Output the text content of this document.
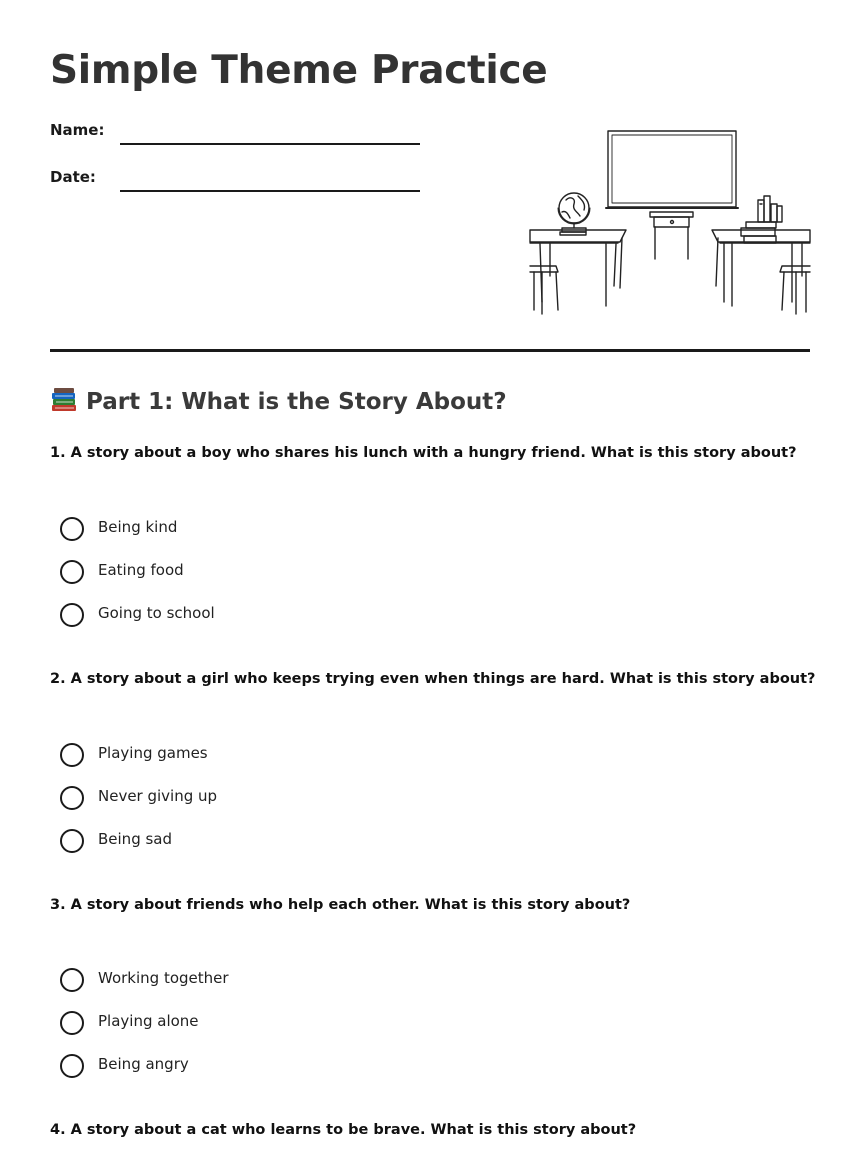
Simple Theme Practice
Name:
Date:
Part 1: What is the Story About?

1. A story about a boy who shares his lunch with a hungry friend. What is this story about?

Being kind
Eating food
Going to school

2. A story about a girl who keeps trying even when things are hard. What is this story about?

Playing games
Never giving up
Being sad

3. A story about friends who help each other. What is this story about?

Working together
Playing alone
Being angry

4. A story about a cat who learns to be brave. What is this story about?
